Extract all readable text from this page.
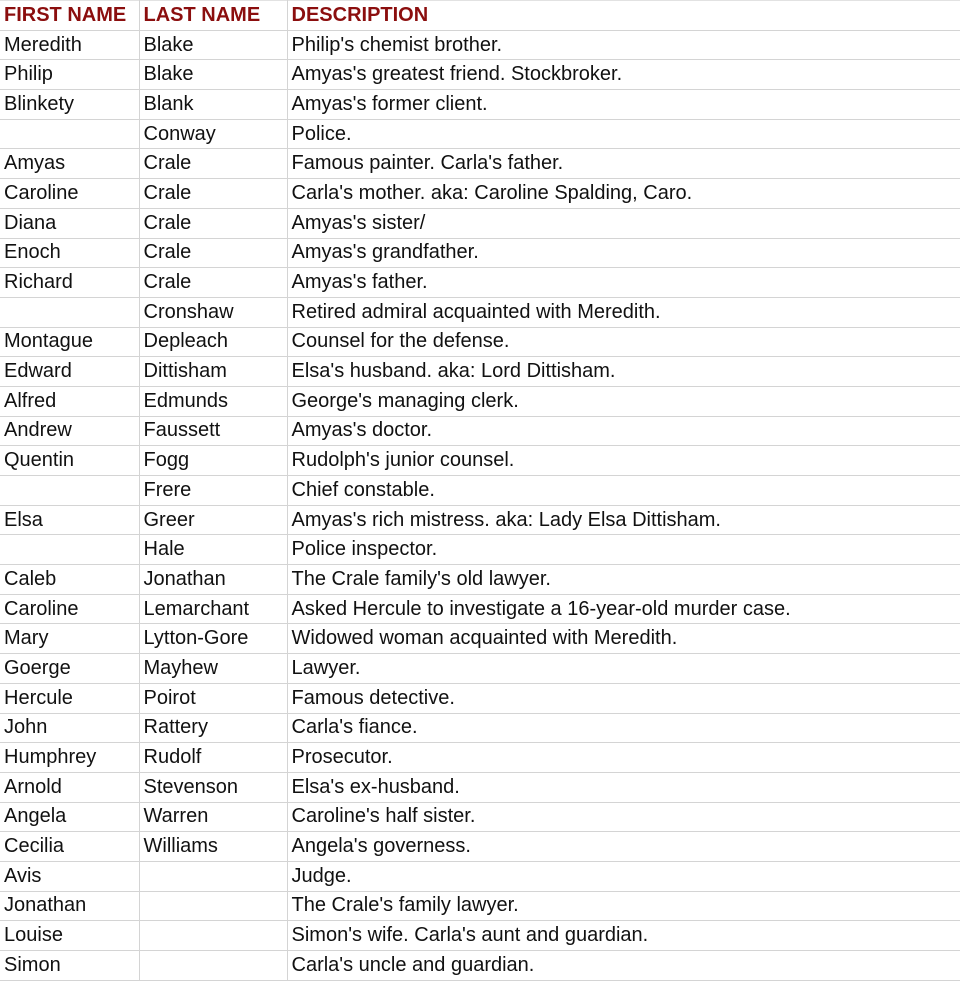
FIRST NAME	LAST NAME	DESCRIPTION
Meredith	Blake	Philip's chemist brother.
Philip	Blake	Amyas's greatest friend. Stockbroker.
Blinkety	Blank	Amyas's former client.
	Conway	Police.
Amyas	Crale	Famous painter. Carla's father.
Caroline	Crale	Carla's mother. aka: Caroline Spalding, Caro.
Diana	Crale	Amyas's sister/
Enoch	Crale	Amyas's grandfather.
Richard	Crale	Amyas's father.
	Cronshaw	Retired admiral acquainted with Meredith.
Montague	Depleach	Counsel for the defense.
Edward	Dittisham	Elsa's husband. aka: Lord Dittisham.
Alfred	Edmunds	George's managing clerk.
Andrew	Faussett	Amyas's doctor.
Quentin	Fogg	Rudolph's junior counsel.
	Frere	Chief constable.
Elsa	Greer	Amyas's rich mistress. aka: Lady Elsa Dittisham.
	Hale	Police inspector.
Caleb	Jonathan	The Crale family's old lawyer.
Caroline	Lemarchant	Asked Hercule to investigate a 16-year-old murder case.
Mary	Lytton-Gore	Widowed woman acquainted with Meredith.
Goerge	Mayhew	Lawyer.
Hercule	Poirot	Famous detective.
John	Rattery	Carla's fiance.
Humphrey	Rudolf	Prosecutor.
Arnold	Stevenson	Elsa's ex-husband.
Angela	Warren	Caroline's half sister.
Cecilia	Williams	Angela's governess.
Avis		Judge.
Jonathan		The Crale's family lawyer.
Louise		Simon's wife. Carla's aunt and guardian.
Simon		Carla's uncle and guardian.
